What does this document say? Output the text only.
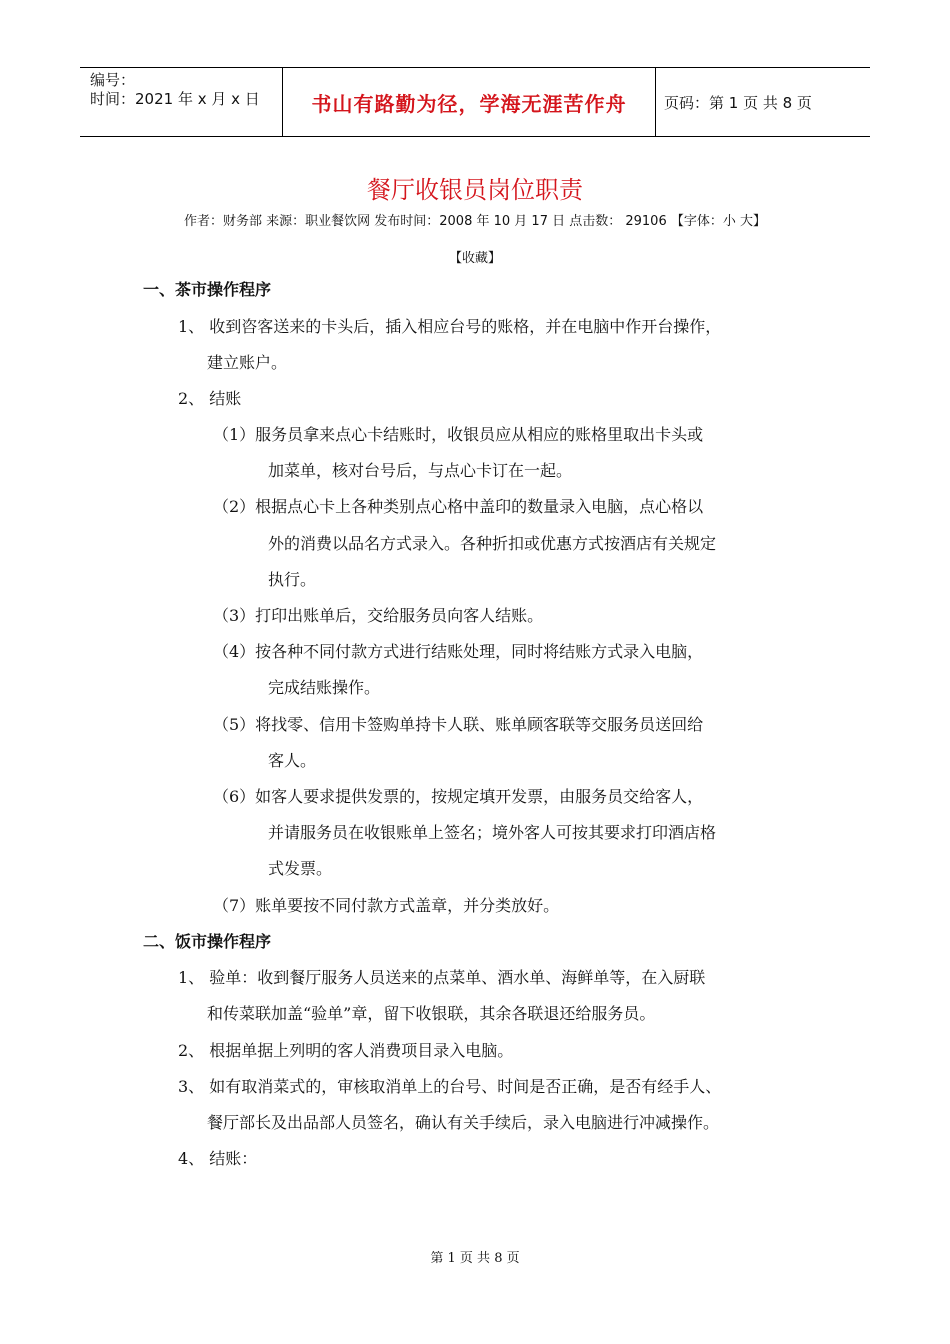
编号：
时间：2021 年 x 月 x 日	书山有路勤为径，学海无涯苦作舟	页码：第 1 页 共 8 页
餐厅收银员岗位职责
作者：财务部 来源：职业餐饮网 发布时间：2008 年 10 月 17 日 点击数： 29106 【字体：小 大】
【收藏】
一、茶市操作程序
1、 收到咨客送来的卡头后，插入相应台号的账格，并在电脑中作开台操作，
建立账户。
2、 结账
（1）服务员拿来点心卡结账时，收银员应从相应的账格里取出卡头或
加菜单，核对台号后，与点心卡订在一起。
（2）根据点心卡上各种类别点心格中盖印的数量录入电脑，点心格以
外的消费以品名方式录入。各种折扣或优惠方式按酒店有关规定
执行。
（3）打印出账单后，交给服务员向客人结账。
（4）按各种不同付款方式进行结账处理，同时将结账方式录入电脑，
完成结账操作。
（5）将找零、信用卡签购单持卡人联、账单顾客联等交服务员送回给
客人。
（6）如客人要求提供发票的，按规定填开发票，由服务员交给客人，
并请服务员在收银账单上签名；境外客人可按其要求打印酒店格
式发票。
（7）账单要按不同付款方式盖章，并分类放好。
二、饭市操作程序
1、 验单：收到餐厅服务人员送来的点菜单、酒水单、海鲜单等，在入厨联
和传菜联加盖“验单”章，留下收银联，其余各联退还给服务员。
2、 根据单据上列明的客人消费项目录入电脑。
3、 如有取消菜式的，审核取消单上的台号、时间是否正确，是否有经手人、
餐厅部长及出品部人员签名，确认有关手续后，录入电脑进行冲减操作。
4、 结账：
第 1 页 共 8 页
